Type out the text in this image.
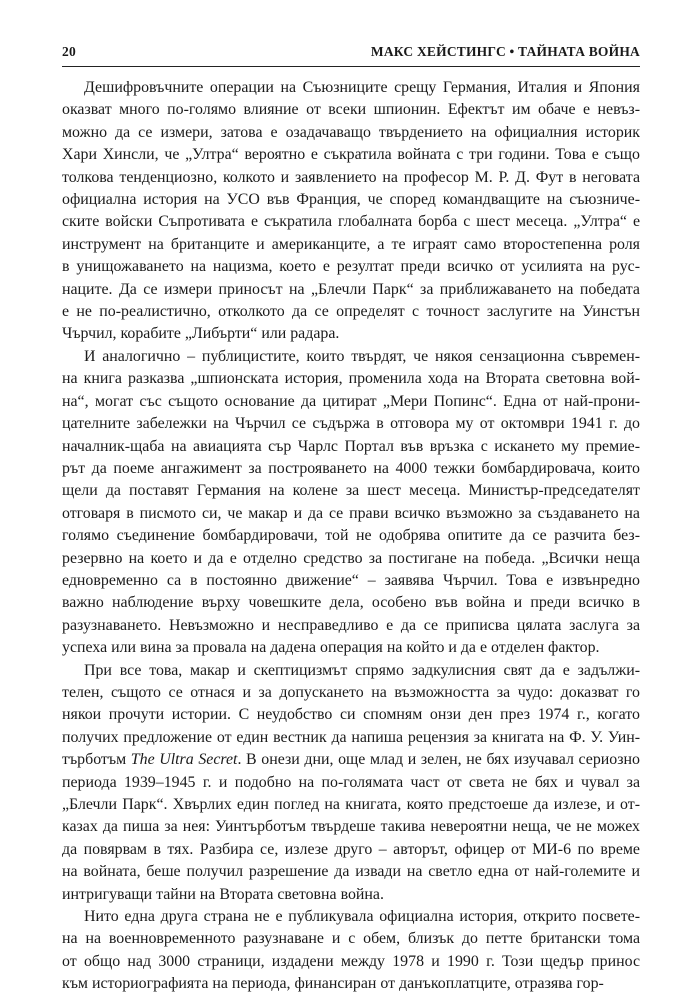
20	МАКС ХЕЙСТИНГС • ТАЙНАТА ВОЙНА
Дешифровъчните операции на Съюзниците срещу Германия, Италия и Япония
оказват много по-голямо влияние от всеки шпионин. Ефектът им обаче е невъз-
можно да се измери, затова е озадачаващо твърдението на официалния историк
Хари Хинсли, че „Ултра“ вероятно е съкратила войната с три години. Това е също
толкова тенденциозно, колкото и заявлението на професор М. Р. Д. Фут в неговата
официална история на УСО във Франция, че според командващите на съюзниче-
ските войски Съпротивата е съкратила глобалната борба с шест месеца. „Ултра“ е
инструмент на британците и американците, а те играят само второстепенна роля
в унищожаването на нацизма, което е резултат преди всичко от усилията на рус-
наците. Да се измери приносът на „Блечли Парк“ за приближаването на победата
е не по-реалистично, отколкото да се определят с точност заслугите на Уинстън
Чърчил, корабите „Либърти“ или радара.
И аналогично – публицистите, които твърдят, че някоя сензационна съвремен-
на книга разказва „шпионската история, променила хода на Втората световна вой-
на“, могат със същото основание да цитират „Мери Попинс“. Една от най-прони-
цателните забележки на Чърчил се съдържа в отговора му от октомври 1941 г. до
началник-щаба на авиацията сър Чарлс Портал във връзка с искането му премие-
рът да поеме ангажимент за построяването на 4000 тежки бомбардировача, които
щели да поставят Германия на колене за шест месеца. Министър-председателят
отговаря в писмото си, че макар и да се прави всичко възможно за създаването на
голямо съединение бомбардировачи, той не одобрява опитите да се разчита без-
резервно на което и да е отделно средство за постигане на победа. „Всички неща
едновременно са в постоянно движение“ – заявява Чърчил. Това е извънредно
важно наблюдение върху човешките дела, особено във война и преди всичко в
разузнаването. Невъзможно и несправедливо е да се приписва цялата заслуга за
успеха или вина за провала на дадена операция на който и да е отделен фактор.
При все това, макар и скептицизмът спрямо задкулисния свят да е задължи-
телен, същото се отнася и за допускането на възможността за чудо: доказват го
някои прочути истории. С неудобство си спомням онзи ден през 1974 г., когато
получих предложение от един вестник да напиша рецензия за книгата на Ф. У. Уин-
търботъм The Ultra Secret. В онези дни, още млад и зелен, не бях изучавал сериозно
периода 1939–1945 г. и подобно на по-голямата част от света не бях и чувал за
„Блечли Парк“. Хвърлих един поглед на книгата, която предстоеше да излезе, и от-
казах да пиша за нея: Уинтърботъм твърдеше такива невероятни неща, че не можех
да повярвам в тях. Разбира се, излезе друго – авторът, офицер от МИ-6 по време
на войната, беше получил разрешение да извади на светло една от най-големите и
интригуващи тайни на Втората световна война.
Нито една друга страна не е публикувала официална история, открито посвете-
на на военновременното разузнаване и с обем, близък до петте британски тома
от общо над 3000 страници, издадени между 1978 и 1990 г. Този щедър принос
към историографията на периода, финансиран от данъкоплатците, отразява гор-
